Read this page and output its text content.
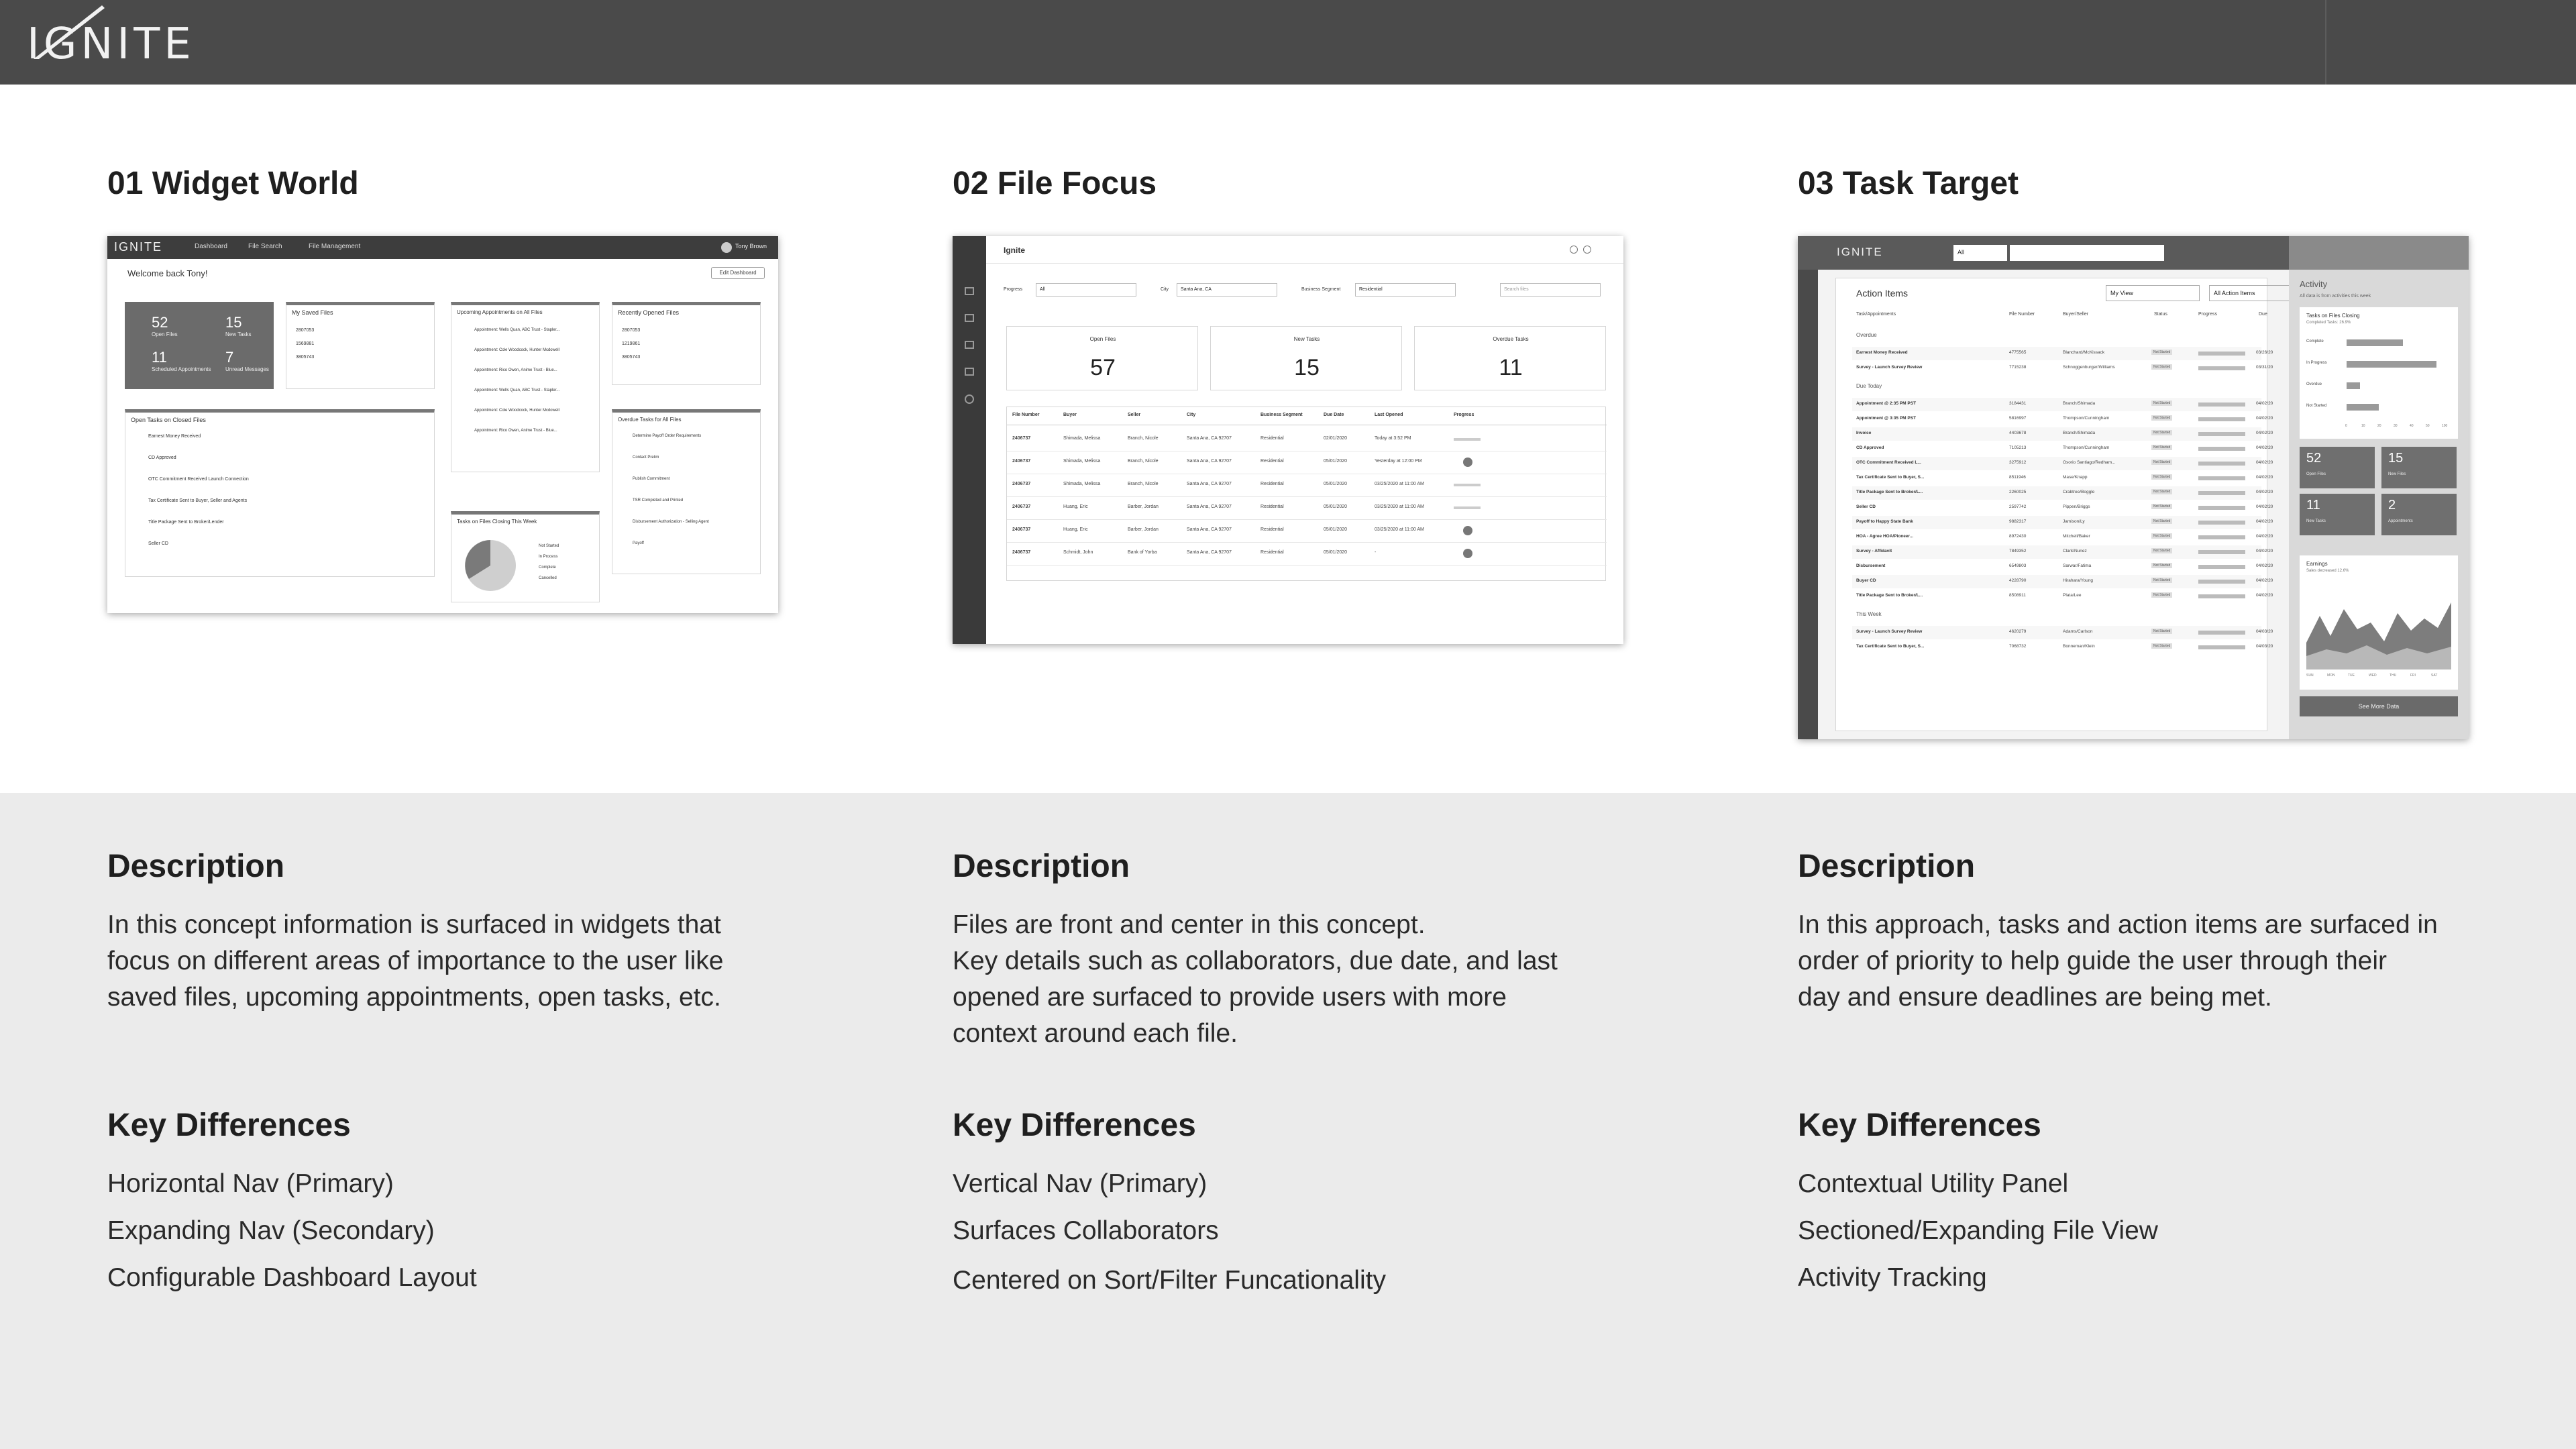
IGNITE
01 Widget World	02 File Focus	03 Task Target
IGNITE	Dashboard	File Search	File Management	Tony Brown
Welcome back Tony!	Edit Dashboard
52
Open Files
15
New Tasks
11
Scheduled Appointments
7
Unread Messages
My Saved Files
2807053
1569881
3805743
Upcoming Appointments on All Files
Appointment: Wells Quan, ABC Trust - Stapler...
Appointment: Cole Woodcock, Hunter Mcdowell
Appointment: Rico Owen, Anime Trust - Blue...
Appointment: Wells Quan, ABC Trust - Stapler...
Appointment: Cole Woodcock, Hunter Mcdowell
Appointment: Rico Owen, Anime Trust - Blue...
Recently Opened Files
2807053
1219861
3805743
Open Tasks on Closed Files
Earnest Money Received
CD Approved
OTC Commitment Received Launch Connection
Tax Certificate Sent to Buyer, Seller and Agents
Title Package Sent to Broker/Lender
Seller CD
Overdue Tasks for All Files
Determine Payoff Order Requirements
Contact Prelim
Publish Commitment
TSR Completed and Printed
Disbursement Authorization - Selling Agent
Payoff
Tasks on Files Closing This Week
Not Started
In Process
Complete
Cancelled
Ignite
Progress	All	City	Santa Ana, CA	Business Segment	Residential	Search files
Open Files
57
New Tasks
15
Overdue Tasks
11
File Number	Buyer	Seller	City	Business Segment	Due Date	Last Opened	Progress
2406737	Shimada, Melissa	Branch, Nicole	Santa Ana, CA 92707	Residential	02/01/2020	Today at 3:52 PM
2406737	Shimada, Melissa	Branch, Nicole	Santa Ana, CA 92707	Residential	05/01/2020	Yesterday at 12:00 PM
2406737	Shimada, Melissa	Branch, Nicole	Santa Ana, CA 92707	Residential	05/01/2020	03/25/2020 at 11:00 AM
2406737	Huang, Eric	Barber, Jordan	Santa Ana, CA 92707	Residential	05/01/2020	03/25/2020 at 11:00 AM
2406737	Huang, Eric	Barber, Jordan	Santa Ana, CA 92707	Residential	05/01/2020	03/25/2020 at 11:00 AM
2406737	Schmidt, John	Bank of Yorba	Santa Ana, CA 92707	Residential	05/01/2020	-
IGNITE	All
Action Items	My View	All Action Items
Task/Appointments	File Number	Buyer/Seller	Status	Progress	Due
Overdue
Earnest Money Received	4775565	Blanchard/McKissack	Not Started	03/26/20
Survey - Launch Survey Review	7715238	Schnoggenburger/Williams	Not Started	03/31/20
Due Today
Appointment @ 2:35 PM PST	3184431	Branch/Shimada	Not Started	04/02/20
Appointment @ 3:35 PM PST	5816997	Thompson/Cunningham	Not Started	04/02/20
Invoice	4403678	Branch/Shimada	Not Started	04/02/20
CD Approved	7105213	Thompson/Cunningham	Not Started	04/02/20
OTC Commitment Received L...	3275912	Osorio Santiago/Redham...	Not Started	04/02/20
Tax Certificate Sent to Buyer, S...	8511946	Mase/Knapp	Not Started	04/02/20
Title Package Sent to Broker/L...	2260025	Crabtree/Boggle	Not Started	04/02/20
Seller CD	2597742	Pippen/Briggs	Not Started	04/02/20
Payoff to Happy State Bank	9882317	Jamison/Ly	Not Started	04/02/20
HOA - Agree HOA/Pioneer...	8972430	Mitchell/Baker	Not Started	04/02/20
Survey - Affidavit	7849352	Clark/Nunez	Not Started	04/02/20
Disbursement	6549803	Sarwar/Fatima	Not Started	04/02/20
Buyer CD	4228790	Hirahara/Young	Not Started	04/02/20
Title Package Sent to Broker/L...	8508911	Plata/Lee	Not Started	04/02/20
This Week
Survey - Launch Survey Review	4620279	Adams/Carlson	Not Started	04/03/20
Tax Certificate Sent to Buyer, S...	7068732	Bonneman/Klein	Not Started	04/03/20
Activity
All data is from activities this week
Tasks on Files Closing
Completed Tasks: 26.9%
Complete
In Progress
Overdue
Not Started
0	10	20	30	40	50	100
52
Open Files
15
New Files
11
New Tasks
2
Appointments
Earnings
Sales decreased 12.6%
SUN	MON	TUE	WED	THU	FRI	SAT
See More Data
Description	Description	Description
In this concept information is surfaced in widgets that
focus on different areas of importance to the user like
saved files, upcoming appointments, open tasks, etc.
Files are front and center in this concept.
Key details such as collaborators, due date, and last
opened are surfaced to provide users with more
context around each file.
In this approach, tasks and action items are surfaced in
order of priority to help guide the user through their
day and ensure deadlines are being met.
Key Differences	Key Differences	Key Differences
Horizontal Nav (Primary)
Expanding Nav (Secondary)
Configurable Dashboard Layout
Vertical Nav (Primary)
Surfaces Collaborators
Centered on Sort/Filter Funcationality
Contextual Utility Panel
Sectioned/Expanding File View
Activity Tracking
